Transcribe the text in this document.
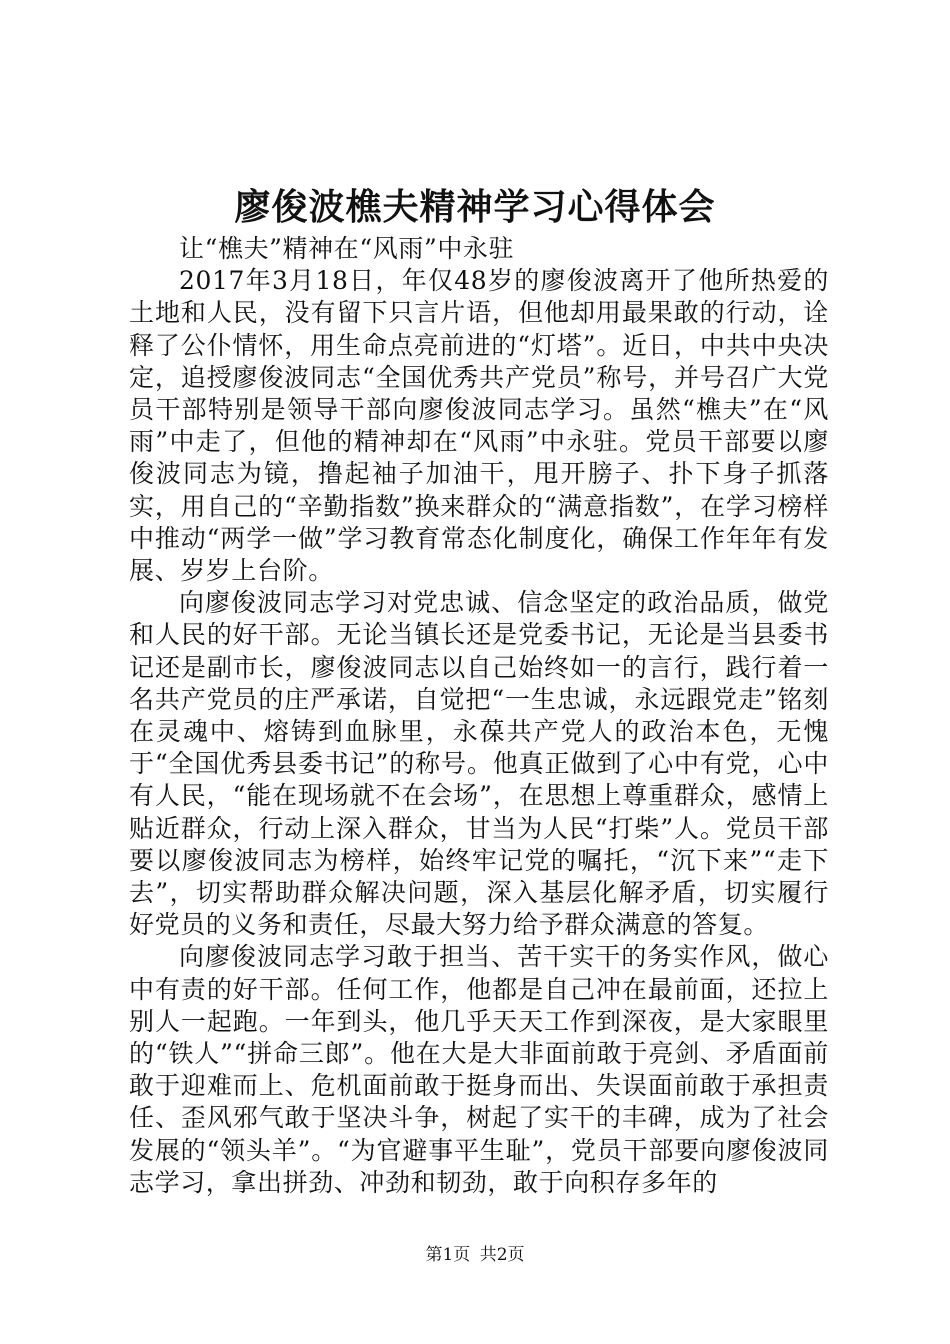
廖俊波樵夫精神学习心得体会

让“樵夫”精神在“风雨”中永驻

2017年3月18日，年仅48岁的廖俊波离开了他所热爱的土地和人民，没有留下只言片语，但他却用最果敢的行动，诠释了公仆情怀，用生命点亮前进的“灯塔”。近日，中共中央决定，追授廖俊波同志“全国优秀共产党员”称号，并号召广大党员干部特别是领导干部向廖俊波同志学习。虽然“樵夫”在“风雨”中走了，但他的精神却在“风雨”中永驻。党员干部要以廖俊波同志为镜，撸起袖子加油干，甩开膀子、扑下身子抓落实，用自己的“辛勤指数”换来群众的“满意指数”，在学习榜样中推动“两学一做”学习教育常态化制度化，确保工作年年有发展、岁岁上台阶。

向廖俊波同志学习对党忠诚、信念坚定的政治品质，做党和人民的好干部。无论当镇长还是党委书记，无论是当县委书记还是副市长，廖俊波同志以自己始终如一的言行，践行着一名共产党员的庄严承诺，自觉把“一生忠诚，永远跟党走”铭刻在灵魂中、熔铸到血脉里，永葆共产党人的政治本色，无愧于“全国优秀县委书记”的称号。他真正做到了心中有党，心中有人民，“能在现场就不在会场”，在思想上尊重群众，感情上贴近群众，行动上深入群众，甘当为人民“打柴”人。党员干部要以廖俊波同志为榜样，始终牢记党的嘱托，“沉下来”“走下去”，切实帮助群众解决问题，深入基层化解矛盾，切实履行好党员的义务和责任，尽最大努力给予群众满意的答复。

向廖俊波同志学习敢于担当、苦干实干的务实作风，做心中有责的好干部。任何工作，他都是自己冲在最前面，还拉上别人一起跑。一年到头，他几乎天天工作到深夜，是大家眼里的“铁人”“拼命三郎”。他在大是大非面前敢于亮剑、矛盾面前敢于迎难而上、危机面前敢于挺身而出、失误面前敢于承担责任、歪风邪气敢于坚决斗争，树起了实干的丰碑，成为了社会发展的“领头羊”。“为官避事平生耻”，党员干部要向廖俊波同志学习，拿出拼劲、冲劲和韧劲，敢于向积存多年的

第1页 共2页
